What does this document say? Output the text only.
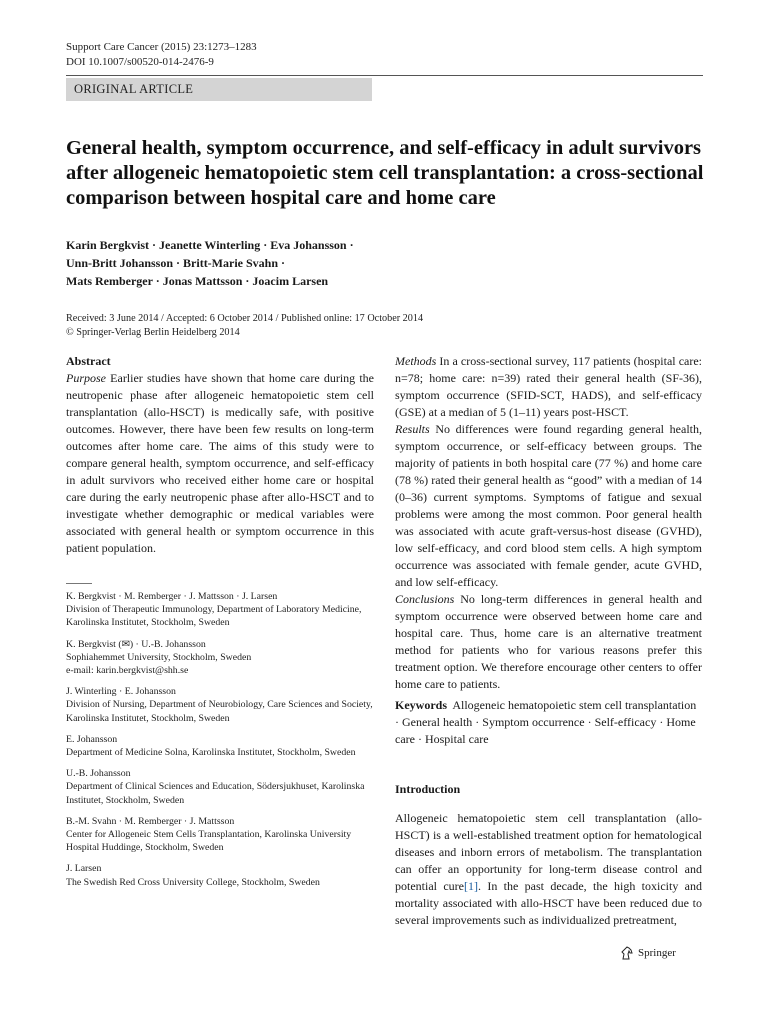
Support Care Cancer (2015) 23:1273–1283
DOI 10.1007/s00520-014-2476-9
ORIGINAL ARTICLE
General health, symptom occurrence, and self-efficacy in adult survivors after allogeneic hematopoietic stem cell transplantation: a cross-sectional comparison between hospital care and home care
Karin Bergkvist · Jeanette Winterling · Eva Johansson ·
Unn-Britt Johansson · Britt-Marie Svahn ·
Mats Remberger · Jonas Mattsson · Joacim Larsen
Received: 3 June 2014 / Accepted: 6 October 2014 / Published online: 17 October 2014
© Springer-Verlag Berlin Heidelberg 2014
Abstract

Purpose Earlier studies have shown that home care during the neutropenic phase after allogeneic hematopoietic stem cell transplantation (allo-HSCT) is medically safe, with positive outcomes. However, there have been few results on long-term outcomes after home care. The aims of this study were to compare general health, symptom occurrence, and self-efficacy in adult survivors who received either home care or hospital care during the early neutropenic phase after allo-HSCT and to investigate whether demographic or medical variables were associated with general health or symptom occurrence in this patient population.

K. Bergkvist · M. Remberger · J. Mattsson · J. Larsen
Division of Therapeutic Immunology, Department of Laboratory Medicine, Karolinska Institutet, Stockholm, Sweden
K. Bergkvist (✉) · U.-B. Johansson
Sophiahemmet University, Stockholm, Sweden
e-mail: karin.bergkvist@shh.se
J. Winterling · E. Johansson
Division of Nursing, Department of Neurobiology, Care Sciences and Society, Karolinska Institutet, Stockholm, Sweden
E. Johansson
Department of Medicine Solna, Karolinska Institutet, Stockholm, Sweden
U.-B. Johansson
Department of Clinical Sciences and Education, Södersjukhuset, Karolinska Institutet, Stockholm, Sweden
B.-M. Svahn · M. Remberger · J. Mattsson
Center for Allogeneic Stem Cells Transplantation, Karolinska University Hospital Huddinge, Stockholm, Sweden
J. Larsen
The Swedish Red Cross University College, Stockholm, Sweden

Methods In a cross-sectional survey, 117 patients (hospital care: n=78; home care: n=39) rated their general health (SF-36), symptom occurrence (SFID-SCT, HADS), and self-efficacy (GSE) at a median of 5 (1–11) years post-HSCT.

Results No differences were found regarding general health, symptom occurrence, or self-efficacy between groups. The majority of patients in both hospital care (77 %) and home care (78 %) rated their general health as “good” with a median of 14 (0–36) current symptoms. Symptoms of fatigue and sexual problems were among the most common. Poor general health was associated with acute graft-versus-host disease (GVHD), low self-efficacy, and cord blood stem cells. A high symptom occurrence was associated with female gender, acute GVHD, and low self-efficacy.

Conclusions No long-term differences in general health and symptom occurrence were observed between home care and hospital care. Thus, home care is an alternative treatment method for patients who for various reasons prefer this treatment option. We therefore encourage other centers to offer home care to patients.

Keywords Allogeneic hematopoietic stem cell transplantation · General health · Symptom occurrence · Self-efficacy · Home care · Hospital care
Introduction
Allogeneic hematopoietic stem cell transplantation (allo-HSCT) is a well-established treatment option for hematological diseases and inborn errors of metabolism. The transplantation can offer an opportunity for long-term disease control and potential cure[1]. In the past decade, the high toxicity and mortality associated with allo-HSCT have been reduced due to several improvements such as individualized pretreatment,
Springer
